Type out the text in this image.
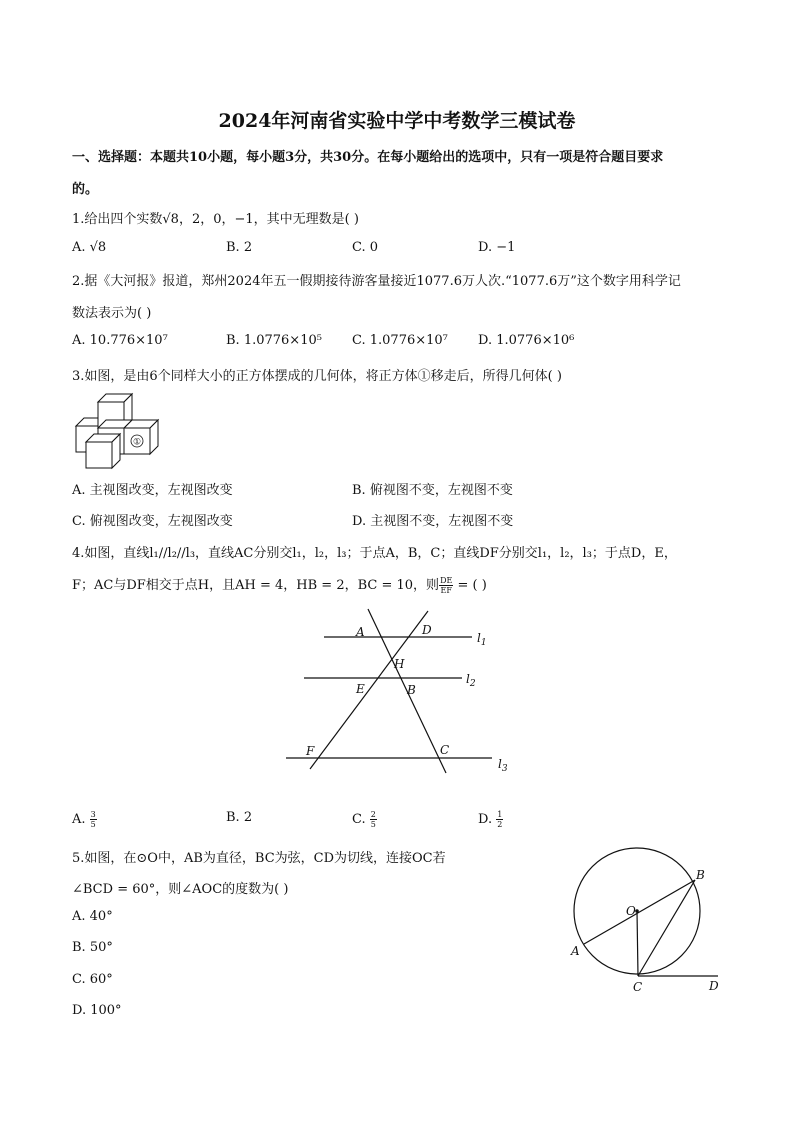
2024年河南省实验中学中考数学三模试卷
一、选择题：本题共10小题，每小题3分，共30分。在每小题给出的选项中，只有一项是符合题目要求
的。
1.给出四个实数√8，2，0，−1，其中无理数是( )
A. √8	B. 2	C. 0	D. −1
2.据《大河报》报道，郑州2024年五一假期接待游客量接近1077.6万人次.“1077.6万”这个数字用科学记
数法表示为( )
A. 10.776×10⁷	B. 1.0776×10⁵ C. 1.0776×10⁷ D. 1.0776×10⁶
3.如图，是由6个同样大小的正方体摆成的几何体，将正方体①移走后，所得几何体( )
①
A. 主视图改变，左视图改变	B. 俯视图不变，左视图不变
C. 俯视图改变，左视图改变	D. 主视图不变，左视图不变
4.如图，直线l₁//l₂//l₃，直线AC分别交l₁，l₂，l₃；于点A，B，C；直线DF分别交l₁，l₂，l₃；于点D，E，
F；AC与DF相交于点H，且AH = 4，HB = 2，BC = 10，则 $\frac{DE}{EF}$ = ( )
A	D
H
E	B
F	C
$l_1$
$l_2$
$l_3$
A. $\frac{3}{5}$	B. 2	C. $\frac{2}{5}$	D. $\frac{1}{2}$
5.如图，在⊙O中，AB为直径，BC为弦，CD为切线，连接OC若
∠BCD = 60°，则∠AOC的度数为( )
A. 40°
B. 50°
C. 60°
D. 100°
O
A
B
C	D
